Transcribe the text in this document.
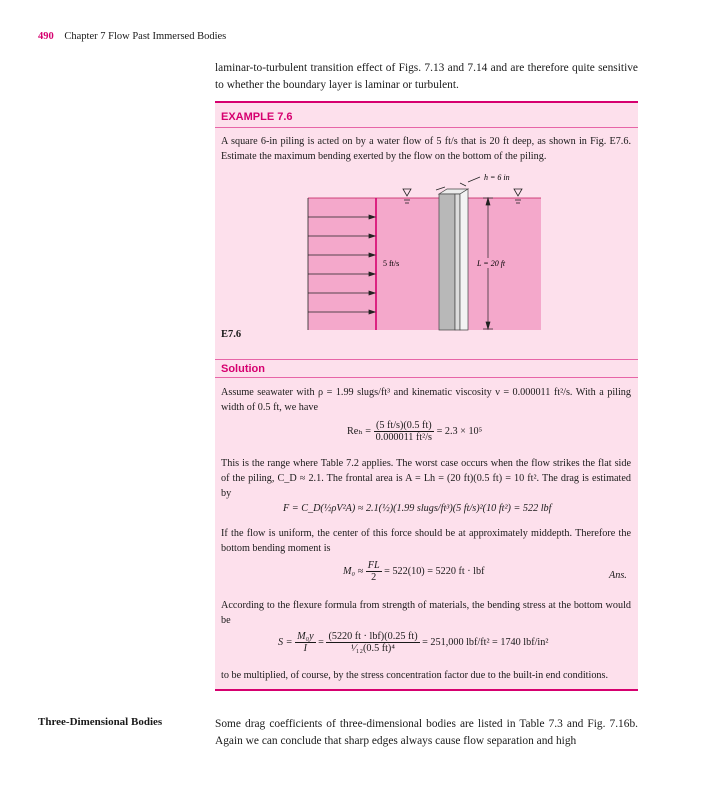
490 Chapter 7 Flow Past Immersed Bodies
laminar-to-turbulent transition effect of Figs. 7.13 and 7.14 and are therefore quite sensitive to whether the boundary layer is laminar or turbulent.
EXAMPLE 7.6
A square 6-in piling is acted on by a water flow of 5 ft/s that is 20 ft deep, as shown in Fig. E7.6. Estimate the maximum bending exerted by the flow on the bottom of the piling.
5 ft/s
h = 6 in
L = 20 ft
E7.6
Solution
Assume seawater with ρ = 1.99 slugs/ft³ and kinematic viscosity ν = 0.000011 ft²/s. With a piling width of 0.5 ft, we have
$Re_h = \frac{(5 ft/s)(0.5 ft)}{\text{0.000011 ft²/s}} = 2.3 \times 10^5$
This is the range where Table 7.2 applies. The worst case occurs when the flow strikes the flat side of the piling, C_D ≈ 2.1. The frontal area is A = Lh = (20 ft)(0.5 ft) = 10 ft². The drag is estimated by
F = C_D(½ρV²A) ≈ 2.1(½)(1.99 slugs/ft³)(5 ft/s)²(10 ft²) = 522 lbf
If the flow is uniform, the center of this force should be at approximately middepth. Therefore the bottom bending moment is
$M_0 \approx \frac{FL}{2} = 522(10) = 5220$ ft · lbf	Ans.
According to the flexure formula from strength of materials, the bending stress at the bottom would be
$S = \frac{\text{M₀y}}{I} = \frac{\text{(5220 ft · lbf)(0.25 ft)}}{\text{¹⁄₁₂(0.5 ft)⁴}} = 251,000$ lbf/ft² = 1740 lbf/in²
to be multiplied, of course, by the stress concentration factor due to the built-in end conditions.
Three-Dimensional Bodies	Some drag coefficients of three-dimensional bodies are listed in Table 7.3 and Fig. 7.16b. Again we can conclude that sharp edges always cause flow separation and high
